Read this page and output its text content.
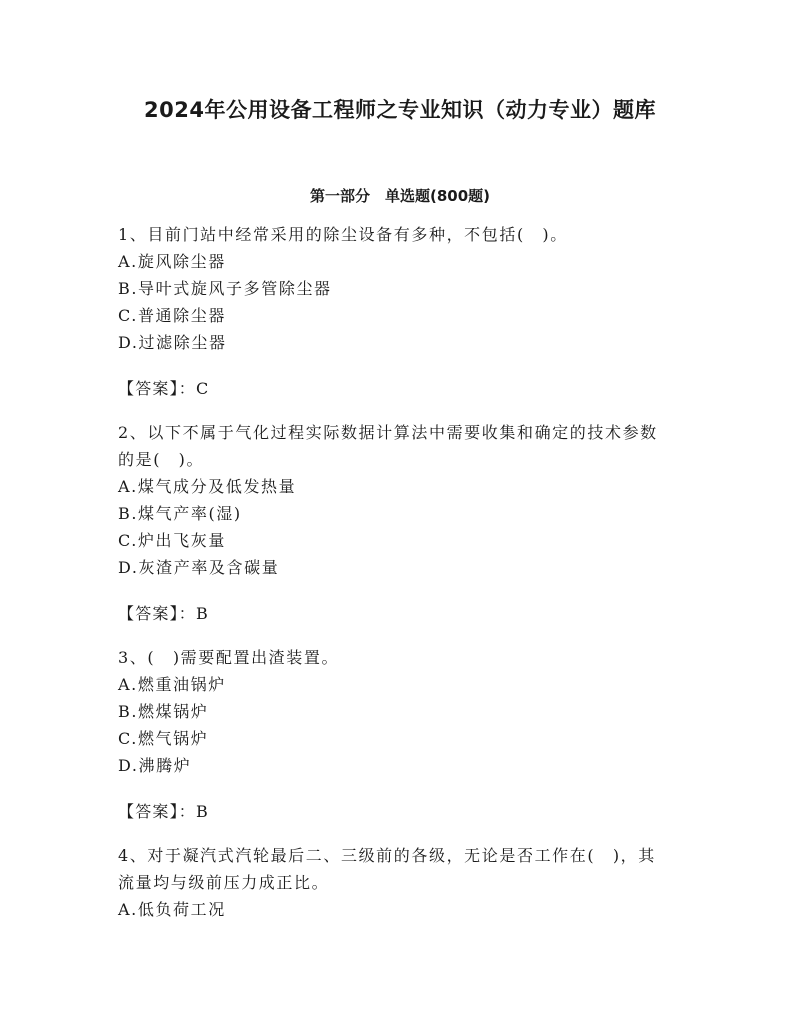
2024年公用设备工程师之专业知识（动力专业）题库
第一部分　单选题(800题)
1、目前门站中经常采用的除尘设备有多种，不包括(　)。
A.旋风除尘器
B.导叶式旋风子多管除尘器
C.普通除尘器
D.过滤除尘器
【答案】：C
2、以下不属于气化过程实际数据计算法中需要收集和确定的技术参数
的是(　)。
A.煤气成分及低发热量
B.煤气产率(湿)
C.炉出飞灰量
D.灰渣产率及含碳量
【答案】：B
3、(　)需要配置出渣装置。
A.燃重油锅炉
B.燃煤锅炉
C.燃气锅炉
D.沸腾炉
【答案】：B
4、对于凝汽式汽轮最后二、三级前的各级，无论是否工作在(　)，其
流量均与级前压力成正比。
A.低负荷工况
